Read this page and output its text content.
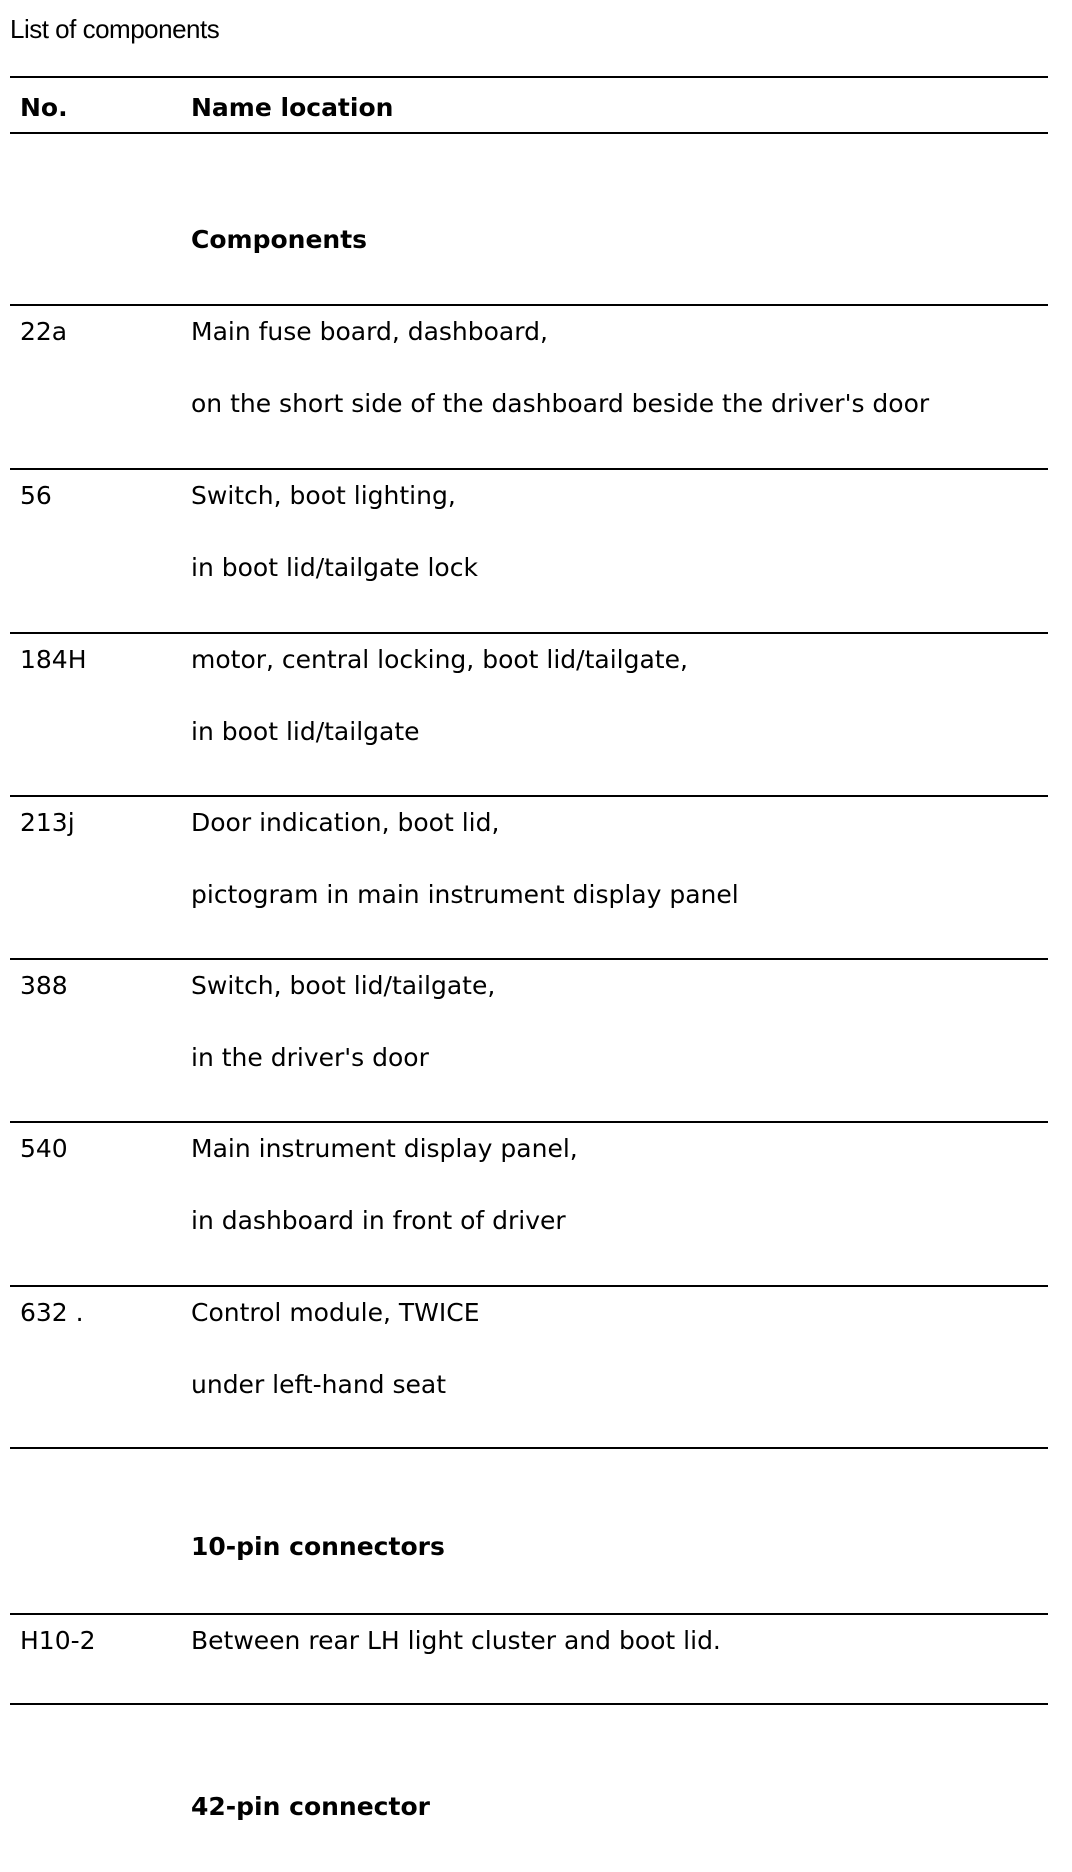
List of components
No.	Name location
Components
22a	Main fuse board, dashboard,
on the short side of the dashboard beside the driver's door
56	Switch, boot lighting,
in boot lid/tailgate lock
184H	motor, central locking, boot lid/tailgate,
in boot lid/tailgate
213j	Door indication, boot lid,
pictogram in main instrument display panel
388	Switch, boot lid/tailgate,
in the driver's door
540	Main instrument display panel,
in dashboard in front of driver
632 .	Control module, TWICE
under left-hand seat
10-pin connectors
H10-2	Between rear LH light cluster and boot lid.
42-pin connector
